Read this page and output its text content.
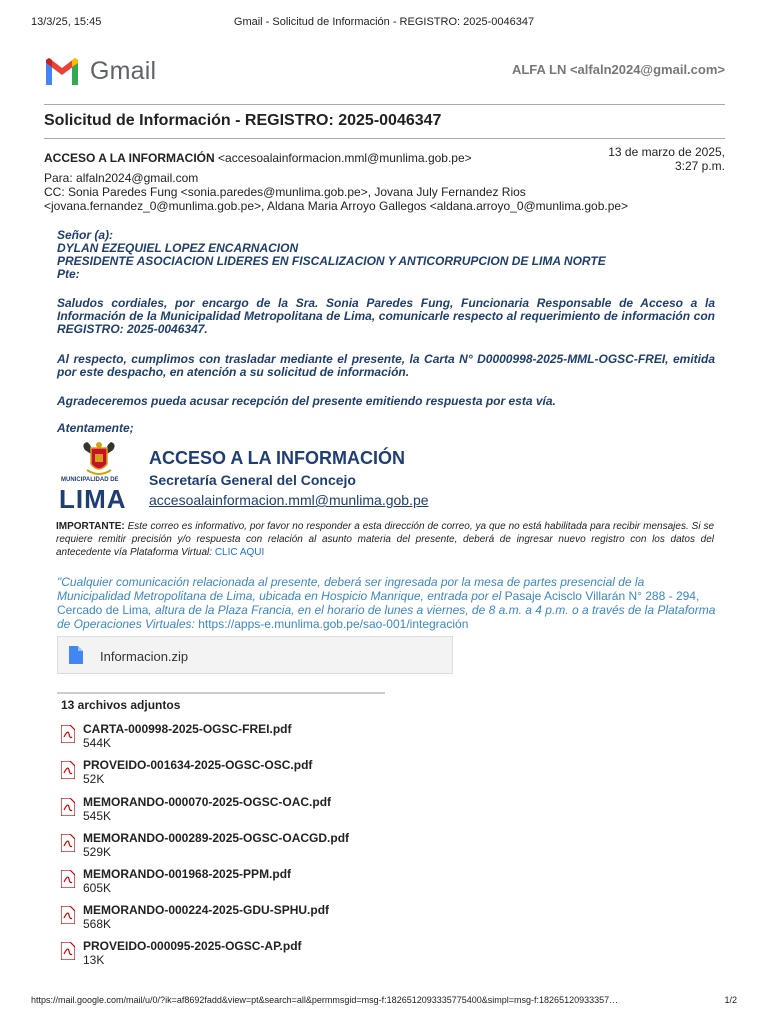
13/3/25, 15:45	Gmail - Solicitud de Información - REGISTRO: 2025-0046347
Gmail	ALFA LN <alfaln2024@gmail.com>
Solicitud de Información - REGISTRO: 2025-0046347
ACCESO A LA INFORMACIÓN <accesoalainformacion.mml@munlima.gob.pe>	13 de marzo de 2025,
3:27 p.m.
Para: alfaln2024@gmail.com
CC: Sonia Paredes Fung <sonia.paredes@munlima.gob.pe>, Jovana July Fernandez Rios
<jovana.fernandez_0@munlima.gob.pe>, Aldana Maria Arroyo Gallegos <aldana.arroyo_0@munlima.gob.pe>
Señor (a):
DYLAN EZEQUIEL LOPEZ ENCARNACION
PRESIDENTE ASOCIACION LIDERES EN FISCALIZACION Y ANTICORRUPCION DE LIMA NORTE
Pte:
Saludos cordiales, por encargo de la Sra. Sonia Paredes Fung, Funcionaria Responsable de Acceso a la Información de la Municipalidad Metropolitana de Lima, comunicarle respecto al requerimiento de información con REGISTRO: 2025-0046347.
Al respecto, cumplimos con trasladar mediante el presente, la Carta N° D0000998-2025-MML-OGSC-FREI, emitida por este despacho, en atención a su solicitud de información.
Agradeceremos pueda acusar recepción del presente emitiendo respuesta por esta vía.
Atentamente;
MUNICIPALIDAD DE
LIMA
ACCESO A LA INFORMACIÓN
Secretaría General del Concejo
accesoalainformacion.mml@munlima.gob.pe
IMPORTANTE: Este correo es informativo, por favor no responder a esta dirección de correo, ya que no está habilitada para recibir mensajes. Si se requiere remitir precisión y/o respuesta con relación al asunto materia del presente, deberá de ingresar nuevo registro con los datos del antecedente vía Plataforma Virtual: CLIC AQUI
"Cualquier comunicación relacionada al presente, deberá ser ingresada por la mesa de partes presencial de la Municipalidad Metropolitana de Lima, ubicada en Hospicio Manrique, entrada por el Pasaje Acisclo Villarán N° 288 - 294, Cercado de Lima, altura de la Plaza Francia, en el horario de lunes a viernes, de 8 a.m. a 4 p.m. o a través de la Plataforma de Operaciones Virtuales: https://apps-e.munlima.gob.pe/sao-001/integración
Informacion.zip
13 archivos adjuntos
CARTA-000998-2025-OGSC-FREI.pdf
544K
PROVEIDO-001634-2025-OGSC-OSC.pdf
52K
MEMORANDO-000070-2025-OGSC-OAC.pdf
545K
MEMORANDO-000289-2025-OGSC-OACGD.pdf
529K
MEMORANDO-001968-2025-PPM.pdf
605K
MEMORANDO-000224-2025-GDU-SPHU.pdf
568K
PROVEIDO-000095-2025-OGSC-AP.pdf
13K
https://mail.google.com/mail/u/0/?ik=af8692fadd&view=pt&search=all&permmsgid=msg-f:1826512093335775400&simpl=msg-f:18265120933357…	1/2
